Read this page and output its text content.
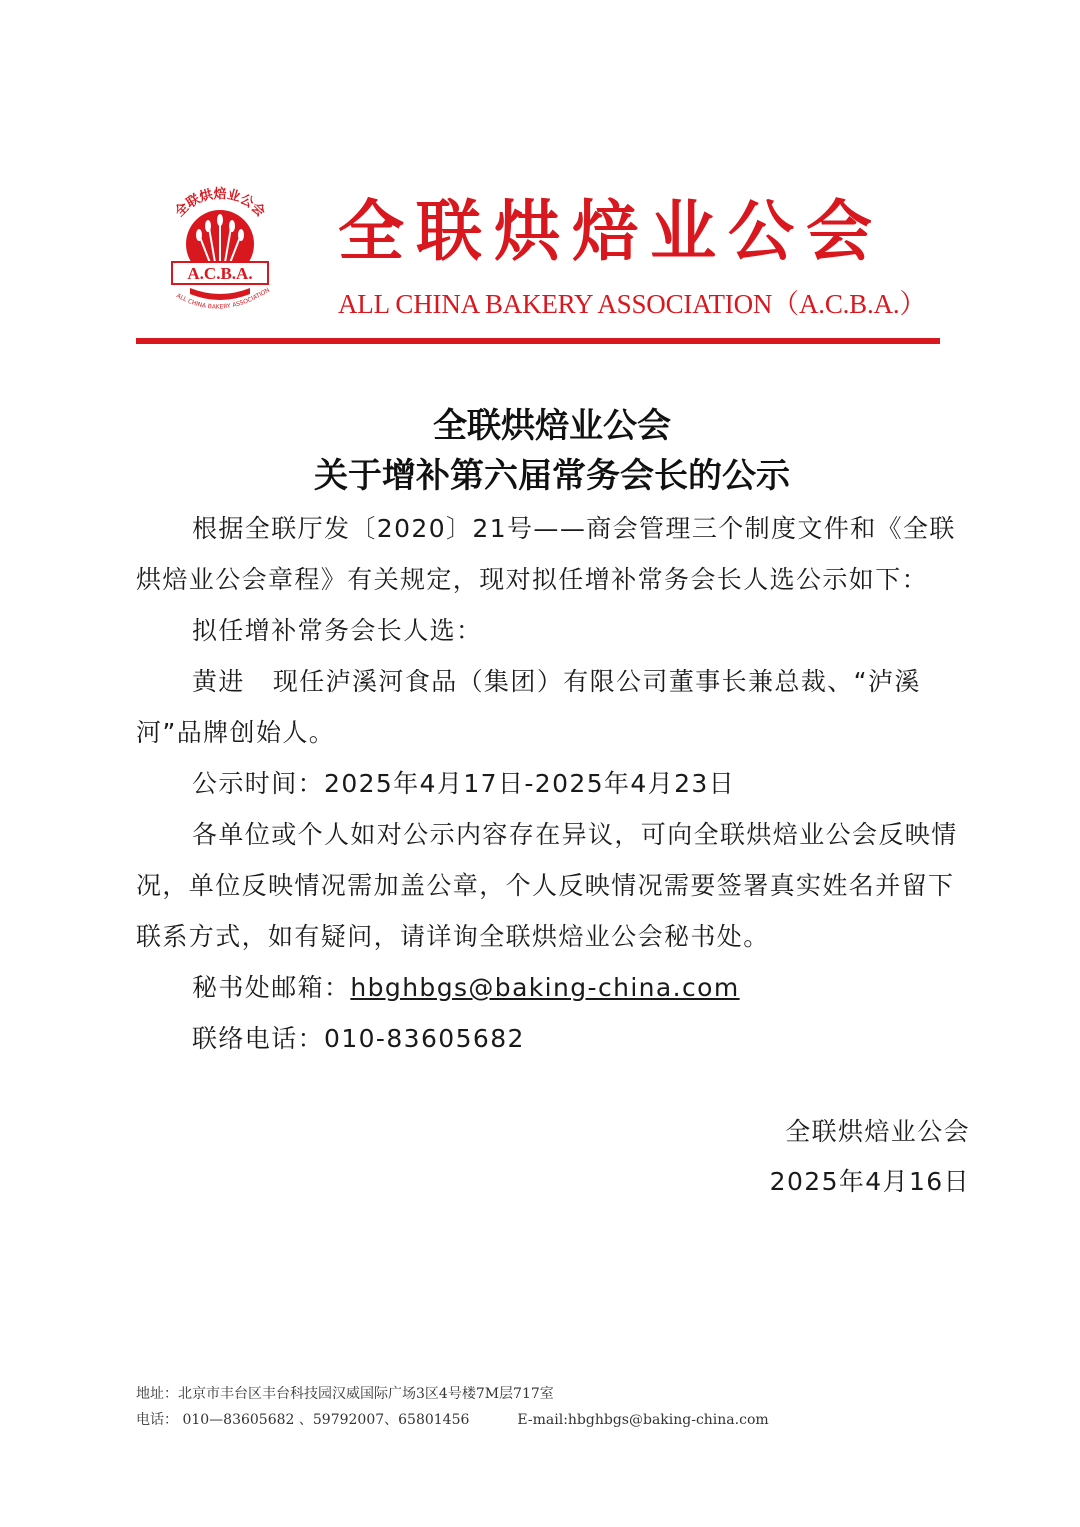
全联烘焙业公会
A.C.B.A.
ALL CHINA BAKERY ASSOCIATION
全联烘焙业公会
ALL CHINA BAKERY ASSOCIATION（A.C.B.A.）
全联烘焙业公会
关于增补第六届常务会长的公示

根据全联厅发〔2020〕21号——商会管理三个制度文件和《全联烘焙业公会章程》有关规定，现对拟任增补常务会长人选公示如下：

拟任增补常务会长人选：

黄进 现任泸溪河食品（集团）有限公司董事长兼总裁、“泸溪河”品牌创始人。

公示时间：2025年4月17日-2025年4月23日

各单位或个人如对公示内容存在异议，可向全联烘焙业公会反映情况，单位反映情况需加盖公章，个人反映情况需要签署真实姓名并留下联系方式，如有疑问，请详询全联烘焙业公会秘书处。

秘书处邮箱：hbghbgs@baking-china.com

联络电话：010-83605682

全联烘焙业公会
2025年4月16日
地址：北京市丰台区丰台科技园汉威国际广场3区4号楼7M层717室
电话： 010—83605682 、59792007、65801456	E-mail:hbghbgs@baking-china.com
